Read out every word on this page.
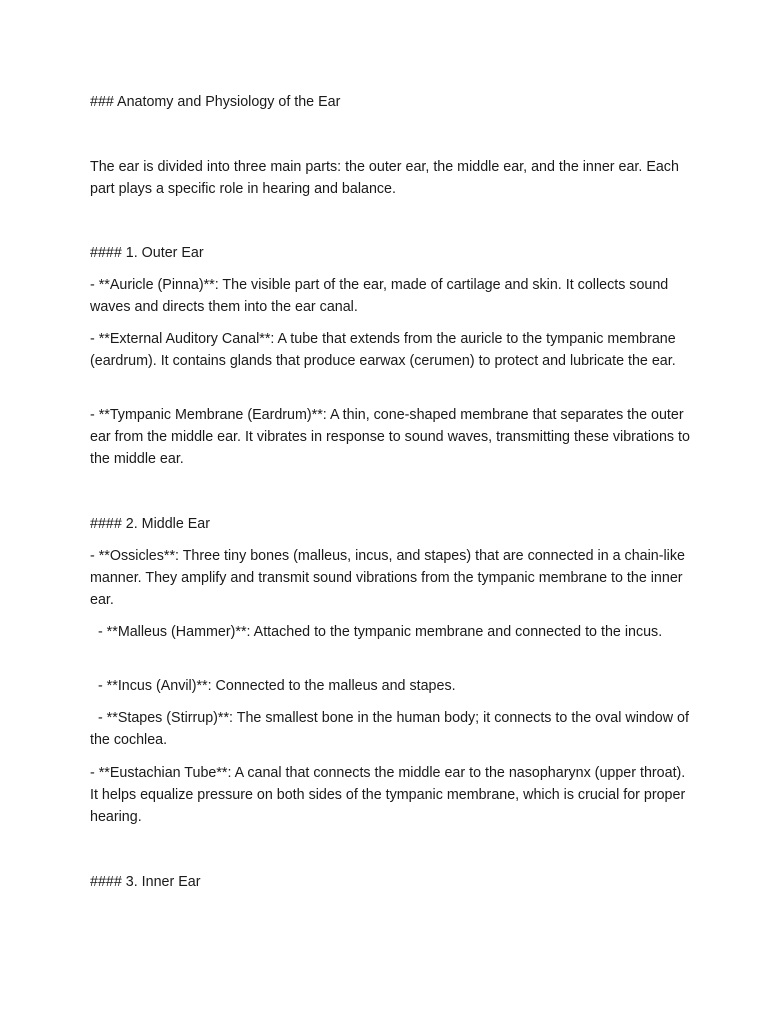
### Anatomy and Physiology of the Ear

The ear is divided into three main parts: the outer ear, the middle ear, and the inner ear. Each part plays a specific role in hearing and balance.

#### 1. Outer Ear

- **Auricle (Pinna)**: The visible part of the ear, made of cartilage and skin. It collects sound waves and directs them into the ear canal.

- **External Auditory Canal**: A tube that extends from the auricle to the tympanic membrane (eardrum). It contains glands that produce earwax (cerumen) to protect and lubricate the ear.

- **Tympanic Membrane (Eardrum)**: A thin, cone-shaped membrane that separates the outer ear from the middle ear. It vibrates in response to sound waves, transmitting these vibrations to the middle ear.

#### 2. Middle Ear

- **Ossicles**: Three tiny bones (malleus, incus, and stapes) that are connected in a chain-like manner. They amplify and transmit sound vibrations from the tympanic membrane to the inner ear.

- **Malleus (Hammer)**: Attached to the tympanic membrane and connected to the incus.

- **Incus (Anvil)**: Connected to the malleus and stapes.

- **Stapes (Stirrup)**: The smallest bone in the human body; it connects to the oval window of the cochlea.

- **Eustachian Tube**: A canal that connects the middle ear to the nasopharynx (upper throat). It helps equalize pressure on both sides of the tympanic membrane, which is crucial for proper hearing.

#### 3. Inner Ear
